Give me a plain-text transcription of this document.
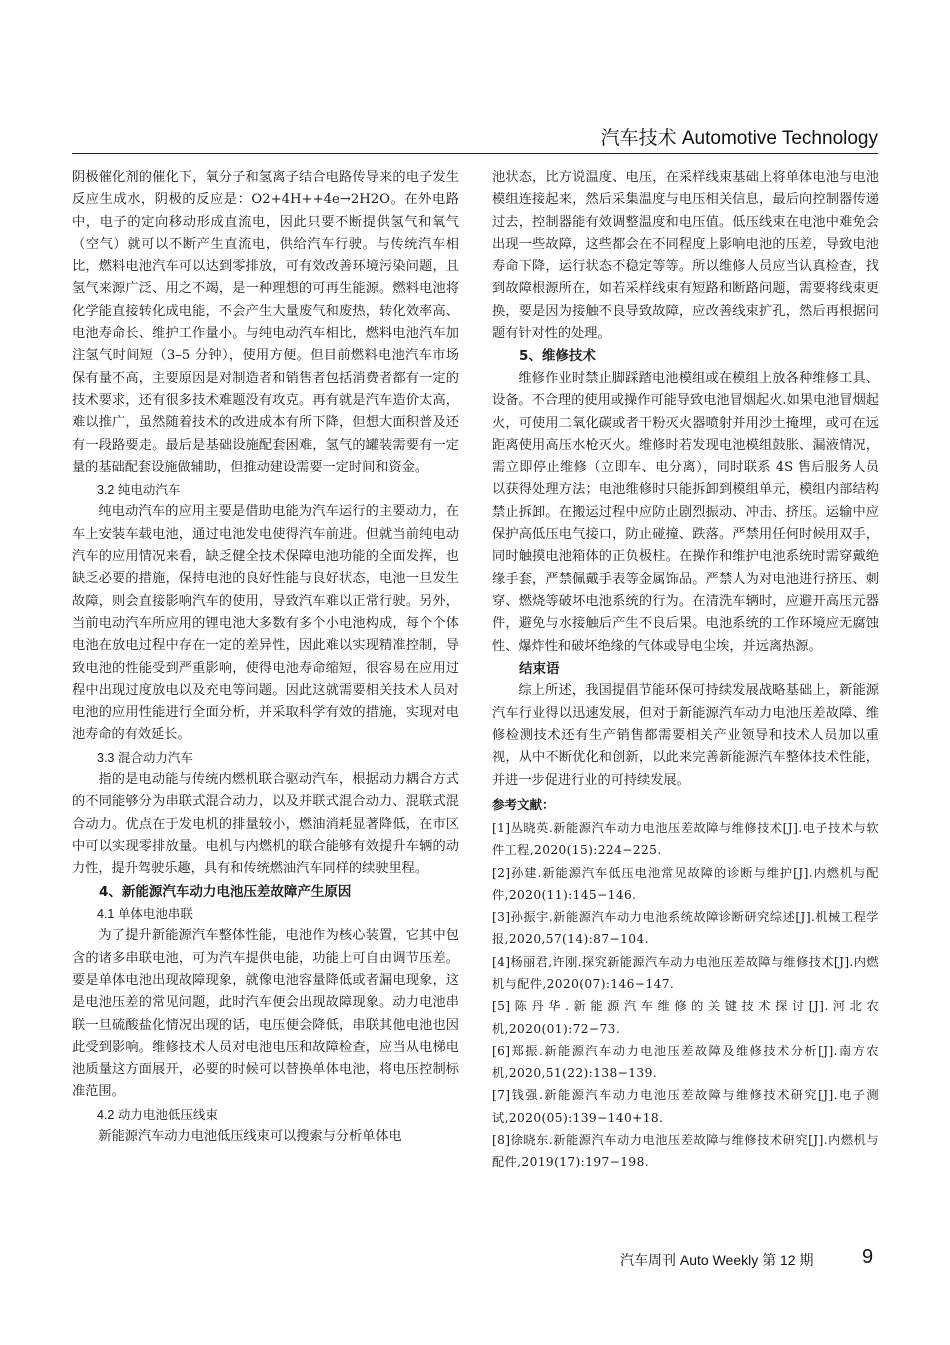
汽车技术 Automotive Technology

阴极催化剂的催化下，氧分子和氢离子结合电路传导来的电子发生反应生成水，阴极的反应是：O2+4H++4e→2H2O。在外电路中，电子的定向移动形成直流电，因此只要不断提供氢气和氧气（空气）就可以不断产生直流电，供给汽车行驶。与传统汽车相比，燃料电池汽车可以达到零排放，可有效改善环境污染问题，且氢气来源广泛、用之不竭，是一种理想的可再生能源。燃料电池将化学能直接转化成电能，不会产生大量废气和废热，转化效率高、电池寿命长、维护工作量小。与纯电动汽车相比，燃料电池汽车加注氢气时间短（3–5 分钟），使用方便。但目前燃料电池汽车市场保有量不高，主要原因是对制造者和销售者包括消费者都有一定的技术要求，还有很多技术难题没有攻克。再有就是汽车造价太高，难以推广，虽然随着技术的改进成本有所下降，但想大面积普及还有一段路要走。最后是基础设施配套困难，氢气的罐装需要有一定量的基础配套设施做辅助，但推动建设需要一定时间和资金。

3.2 纯电动汽车

纯电动汽车的应用主要是借助电能为汽车运行的主要动力，在车上安装车载电池，通过电池发电使得汽车前进。但就当前纯电动汽车的应用情况来看，缺乏健全技术保障电池功能的全面发挥，也缺乏必要的措施，保持电池的良好性能与良好状态，电池一旦发生故障，则会直接影响汽车的使用，导致汽车难以正常行驶。另外，当前电动汽车所应用的锂电池大多数有多个小电池构成，每个个体电池在放电过程中存在一定的差异性，因此难以实现精准控制，导致电池的性能受到严重影响，使得电池寿命缩短，很容易在应用过程中出现过度放电以及充电等问题。因此这就需要相关技术人员对电池的应用性能进行全面分析，并采取科学有效的措施，实现对电池寿命的有效延长。

3.3 混合动力汽车

指的是电动能与传统内燃机联合驱动汽车，根据动力耦合方式的不同能够分为串联式混合动力，以及并联式混合动力、混联式混合动力。优点在于发电机的排量较小，燃油消耗显著降低，在市区中可以实现零排放量。电机与内燃机的联合能够有效提升车辆的动力性，提升驾驶乐趣，具有和传统燃油汽车同样的续驶里程。

4、新能源汽车动力电池压差故障产生原因
4.1 单体电池串联

为了提升新能源汽车整体性能，电池作为核心装置，它其中包含的诸多串联电池，可为汽车提供电能，功能上可自由调节压差。要是单体电池出现故障现象，就像电池容量降低或者漏电现象，这是电池压差的常见问题，此时汽车便会出现故障现象。动力电池串联一旦硫酸盐化情况出现的话，电压便会降低，串联其他电池也因此受到影响。维修技术人员对电池电压和故障检查，应当从电梯电池质量这方面展开，必要的时候可以替换单体电池，将电压控制标准范围。

4.2 动力电池低压线束

新能源汽车动力电池低压线束可以搜索与分析单体电

池状态，比方说温度、电压，在采样线束基础上将单体电池与电池模组连接起来，然后采集温度与电压相关信息，最后向控制器传递过去，控制器能有效调整温度和电压值。低压线束在电池中难免会出现一些故障，这些都会在不同程度上影响电池的压差，导致电池寿命下降，运行状态不稳定等等。所以维修人员应当认真检查，找到故障根源所在，如若采样线束有短路和断路问题，需要将线束更换，要是因为接触不良导致故障，应改善线束扩孔，然后再根据问题有针对性的处理。

5、维修技术

维修作业时禁止脚踩踏电池模组或在模组上放各种维修工具、设备。不合理的使用或操作可能导致电池冒烟起火.如果电池冒烟起火，可使用二氧化碳或者干粉灭火器喷射并用沙土掩埋，或可在远距离使用高压水枪灭火。维修时若发现电池模组鼓胀、漏液情况，需立即停止维修（立即车、电分离），同时联系 4S 售后服务人员以获得处理方法；电池维修时只能拆卸到模组单元，模组内部结构禁止拆卸。在搬运过程中应防止剧烈振动、冲击、挤压。运输中应保护高低压电气接口，防止碰撞、跌落。严禁用任何时候用双手，同时触摸电池箱体的正负极柱。在操作和维护电池系统时需穿戴绝缘手套，严禁佩戴手表等金属饰品。严禁人为对电池进行挤压、刺穿、燃烧等破坏电池系统的行为。在清洗车辆时，应避开高压元器件，避免与水接触后产生不良后果。电池系统的工作环境应无腐蚀性、爆炸性和破坏绝缘的气体或导电尘埃，并远离热源。

结束语

综上所述，我国提倡节能环保可持续发展战略基础上，新能源汽车行业得以迅速发展，但对于新能源汽车动力电池压差故障、维修检测技术还有生产销售都需要相关产业领导和技术人员加以重视，从中不断优化和创新，以此来完善新能源汽车整体技术性能，并进一步促进行业的可持续发展。

参考文献：

[1]丛晓英.新能源汽车动力电池压差故障与维修技术[J].电子技术与软件工程,2020(15):224−225.

[2]孙建.新能源汽车低压电池常见故障的诊断与维护[J].内燃机与配件,2020(11):145−146.

[3]孙振宇.新能源汽车动力电池系统故障诊断研究综述[J].机械工程学报,2020,57(14):87−104.

[4]杨丽君,许刚.探究新能源汽车动力电池压差故障与维修技术[J].内燃机与配件,2020(07):146−147.

[5]陈丹华.新能源汽车维修的关键技术探讨[J].河北农机,2020(01):72−73.

[6]郑振.新能源汽车动力电池压差故障及维修技术分析[J].南方农机,2020,51(22):138−139.

[7]钱强.新能源汽车动力电池压差故障与维修技术研究[J].电子测试,2020(05):139−140+18.

[8]徐晓东.新能源汽车动力电池压差故障与维修技术研究[J].内燃机与配件,2019(17):197−198.

汽车周刊 Auto Weekly 第 12 期 9
